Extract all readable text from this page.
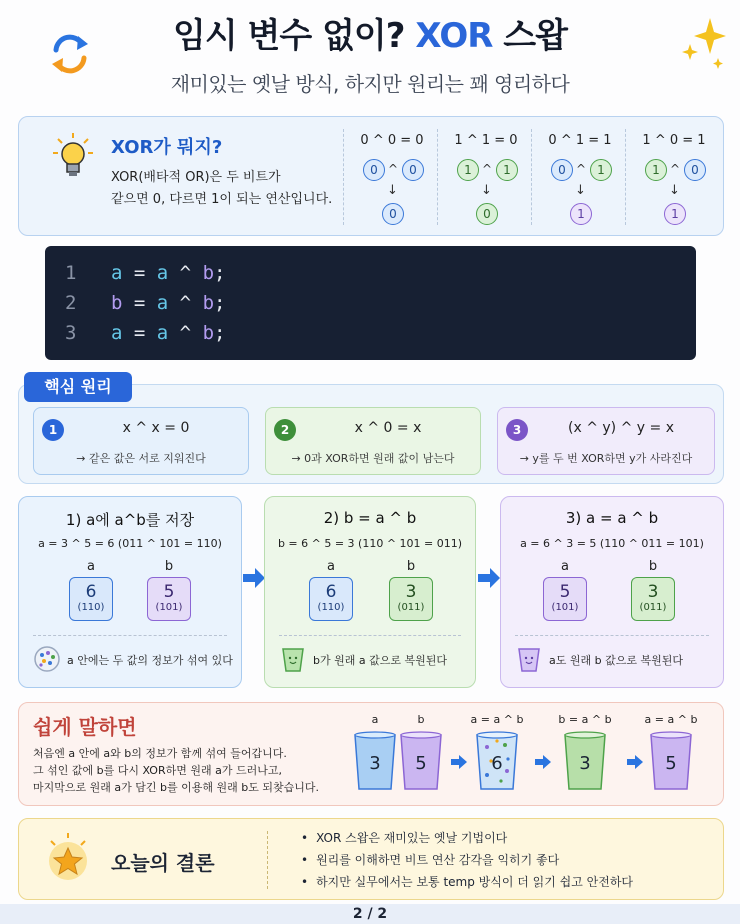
임시 변수 없이? XOR 스왑
재미있는 옛날 방식, 하지만 원리는 꽤 영리하다
XOR가 뭐지?
XOR(배타적 OR)은 두 비트가
같으면 0, 다르면 1이 되는 연산입니다.
0 ^ 0 = 0
0 ^ 0
↓
0
1 ^ 1 = 0
1 ^ 1
↓
0
0 ^ 1 = 1
0 ^ 1
↓
1
1 ^ 0 = 1
1 ^ 0
↓
1
1 a = a ^ b;
2 b = a ^ b;
3 a = a ^ b;
1	x ^ x = 0
→ 같은 값은 서로 지워진다
2	x ^ 0 = x
→ 0과 XOR하면 원래 값이 남는다
3	(x ^ y) ^ y = x
→ y를 두 번 XOR하면 y가 사라진다
핵심 원리
1) a에 a^b를 저장
a = 3 ^ 5 = 6 (011 ^ 101 = 110)
a	b
6
(110)
5
(101)
a 안에는 두 값의 정보가 섞여 있다
2) b = a ^ b
b = 6 ^ 5 = 3 (110 ^ 101 = 011)
a	b
6
(110)
3
(011)
b가 원래 a 값으로 복원된다
3) a = a ^ b
a = 6 ^ 3 = 5 (110 ^ 011 = 101)
a	b
5
(101)
3
(011)
a도 원래 b 값으로 복원된다
쉽게 말하면
처음엔 a 안에 a와 b의 정보가 함께 섞여 들어갑니다.
그 섞인 값에 b를 다시 XOR하면 원래 a가 드러나고,
마지막으로 원래 a가 담긴 b를 이용해 원래 b도 되찾습니다.
a
3
b
5
a = a ^ b
6
b = a ^ b
3
a = a ^ b
5
오늘의 결론
• XOR 스왑은 재미있는 옛날 기법이다
• 원리를 이해하면 비트 연산 감각을 익히기 좋다
• 하지만 실무에서는 보통 temp 방식이 더 읽기 쉽고 안전하다
2 / 2
